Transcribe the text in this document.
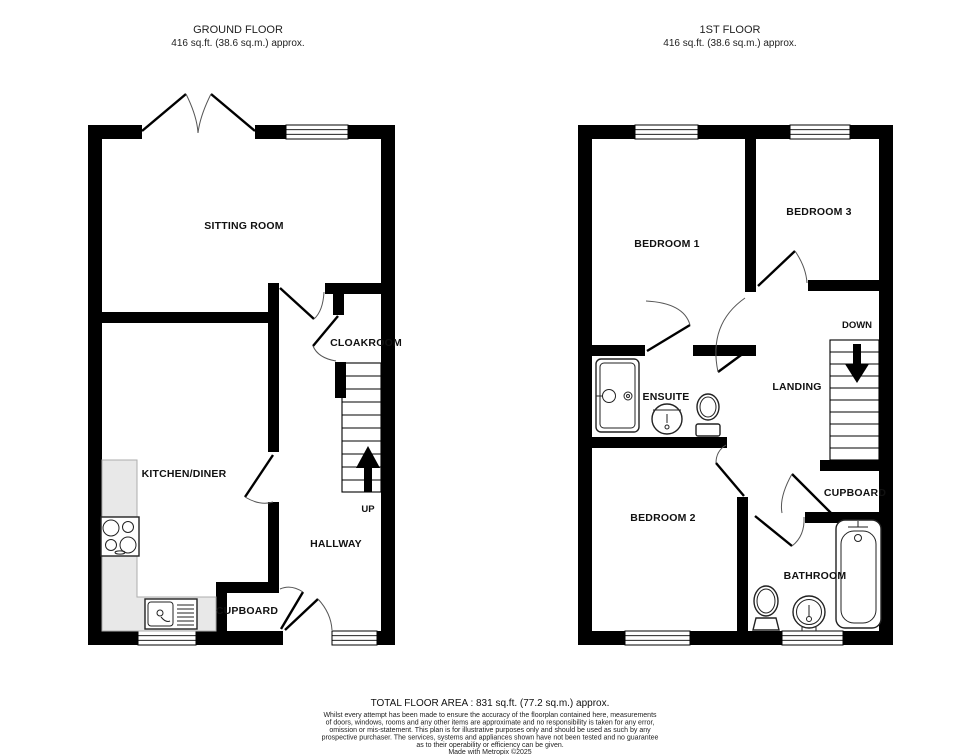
GROUND FLOOR
416 sq.ft. (38.6 sq.m.) approx.
1ST FLOOR
416 sq.ft. (38.6 sq.m.) approx.
SITTING ROOM
KITCHEN/DINER
HALLWAY
CLOAKROOM
CUPBOARD
UP
BEDROOM 1
BEDROOM 3
BEDROOM 2
ENSUITE
LANDING
BATHROOM
CUPBOARD
DOWN
TOTAL FLOOR AREA : 831 sq.ft. (77.2 sq.m.) approx.
Whilst every attempt has been made to ensure the accuracy of the floorplan contained here, measurements
of doors, windows, rooms and any other items are approximate and no responsibility is taken for any error,
omission or mis-statement. This plan is for illustrative purposes only and should be used as such by any
prospective purchaser. The services, systems and appliances shown have not been tested and no guarantee
as to their operability or efficiency can be given.
Made with Metropix ©2025
